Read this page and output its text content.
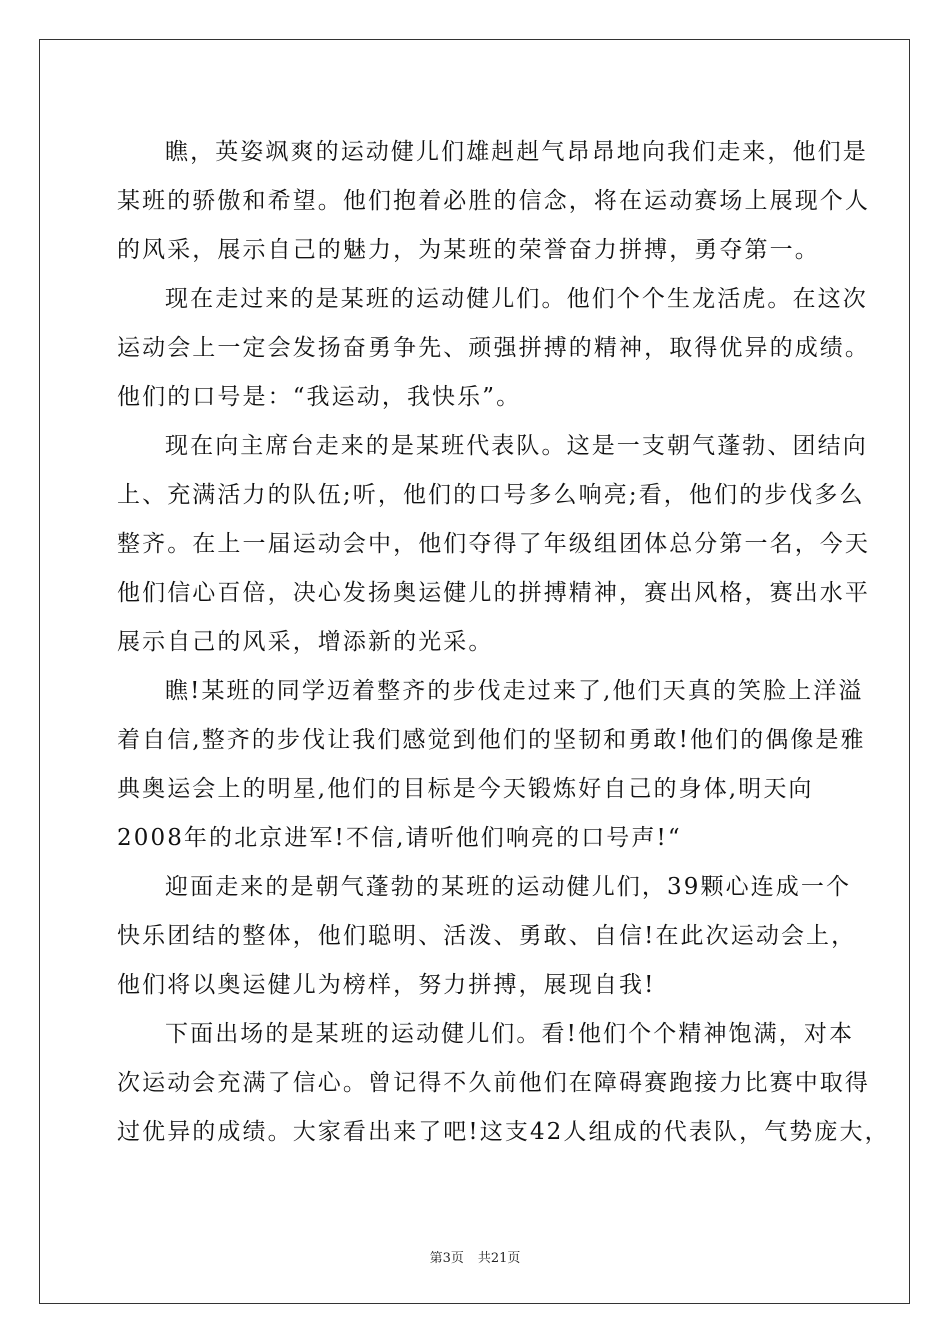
瞧，英姿飒爽的运动健儿们雄赳赳气昂昂地向我们走来，他们是
某班的骄傲和希望。他们抱着必胜的信念，将在运动赛场上展现个人
的风采，展示自己的魅力，为某班的荣誉奋力拼搏，勇夺第一。
现在走过来的是某班的运动健儿们。他们个个生龙活虎。在这次
运动会上一定会发扬奋勇争先、顽强拼搏的精神，取得优异的成绩。
他们的口号是：“我运动，我快乐”。
现在向主席台走来的是某班代表队。这是一支朝气蓬勃、团结向
上、充满活力的队伍;听，他们的口号多么响亮;看，他们的步伐多么
整齐。在上一届运动会中，他们夺得了年级组团体总分第一名，今天
他们信心百倍，决心发扬奥运健儿的拼搏精神，赛出风格，赛出水平
展示自己的风采，增添新的光采。
瞧!某班的同学迈着整齐的步伐走过来了,他们天真的笑脸上洋溢
着自信,整齐的步伐让我们感觉到他们的坚韧和勇敢!他们的偶像是雅
典奥运会上的明星,他们的目标是今天锻炼好自己的身体,明天向
2008年的北京进军!不信,请听他们响亮的口号声!“
迎面走来的是朝气蓬勃的某班的运动健儿们，39颗心连成一个
快乐团结的整体，他们聪明、活泼、勇敢、自信!在此次运动会上，
他们将以奥运健儿为榜样，努力拼搏，展现自我!
下面出场的是某班的运动健儿们。看!他们个个精神饱满，对本
次运动会充满了信心。曾记得不久前他们在障碍赛跑接力比赛中取得
过优异的成绩。大家看出来了吧!这支42人组成的代表队，气势庞大，
第3页 共21页
